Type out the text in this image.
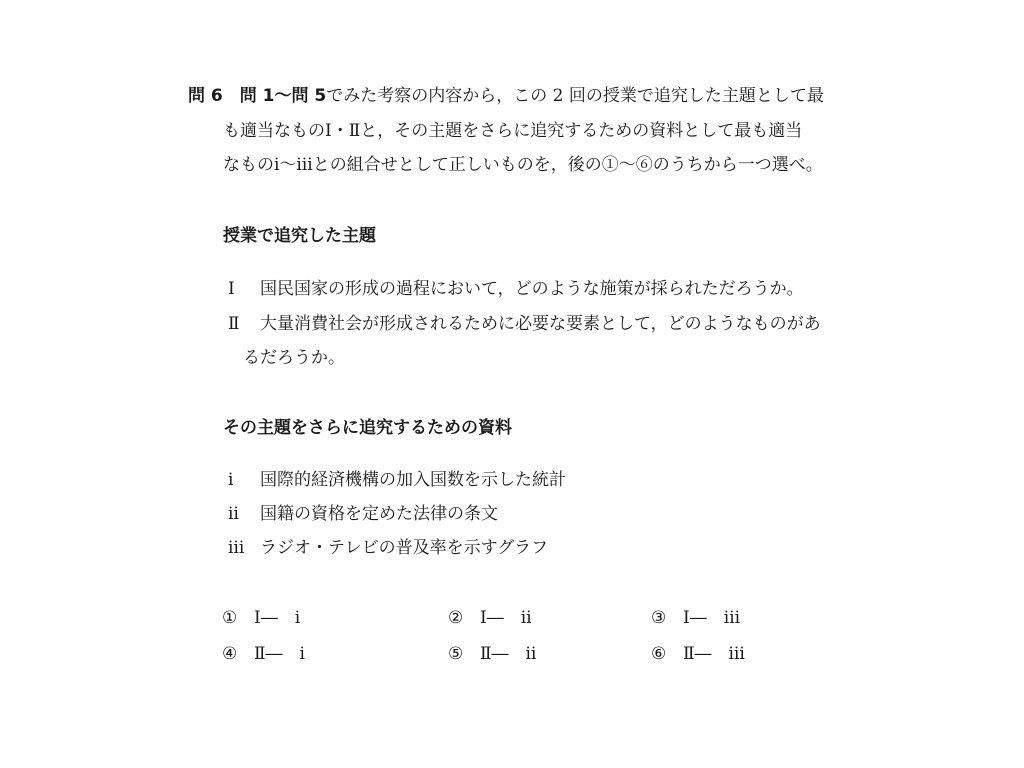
問 6　問 1〜問 5でみた考察の内容から，この 2 回の授業で追究した主題として最
も適当なものⅠ・Ⅱと，その主題をさらに追究するための資料として最も適当
なものⅰ〜ⅲとの組合せとして正しいものを，後の①〜⑥のうちから一つ選べ。
授業で追究した主題
Ⅰ 国民国家の形成の過程において，どのような施策が採られただろうか。
Ⅱ 大量消費社会が形成されるために必要な要素として，どのようなものがあ
るだろうか。
その主題をさらに追究するための資料
ⅰ 国際的経済機構の加入国数を示した統計
ⅱ 国籍の資格を定めた法律の条文
ⅲ ラジオ・テレビの普及率を示すグラフ
① Ⅰ―　ⅰ	② Ⅰ―　ⅱ	③ Ⅰ―　ⅲ
④ Ⅱ―　ⅰ	⑤ Ⅱ―　ⅱ	⑥ Ⅱ―　ⅲ
